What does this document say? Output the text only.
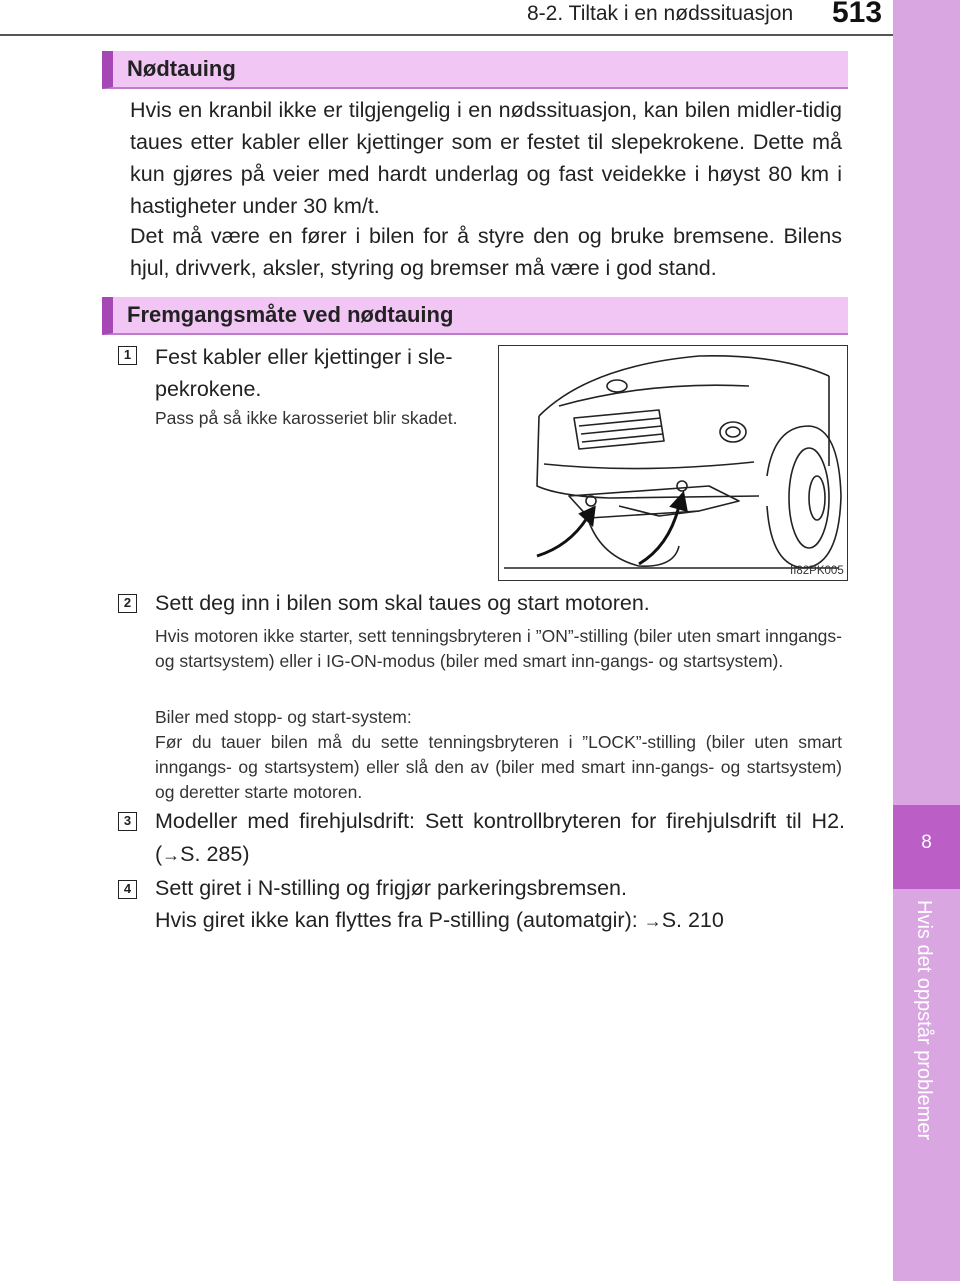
8-2. Tiltak i en nødssituasjon 513
8
Hvis det oppstår problemer
Nødtauing
Hvis en kranbil ikke er tilgjengelig i en nødssituasjon, kan bilen midler-tidig taues etter kabler eller kjettinger som er festet til slepekrokene. Dette må kun gjøres på veier med hardt underlag og fast veidekke i høyst 80 km i hastigheter under 30 km/t.
Det må være en fører i bilen for å styre den og bruke bremsene. Bilens hjul, drivverk, aksler, styring og bremser må være i god stand.
Fremgangsmåte ved nødtauing
1 Fest kabler eller kjettinger i sle-pekrokene.
Pass på så ikke karosseriet blir skadet.
II82PK005
2 Sett deg inn i bilen som skal taues og start motoren.
Hvis motoren ikke starter, sett tenningsbryteren i ”ON”-stilling (biler uten smart inngangs- og startsystem) eller i IG-ON-modus (biler med smart inn-gangs- og startsystem).
Biler med stopp- og start-system:
Før du tauer bilen må du sette tenningsbryteren i ”LOCK”-stilling (biler uten smart inngangs- og startsystem) eller slå den av (biler med smart inn-gangs- og startsystem) og deretter starte motoren.
3 Modeller med firehjulsdrift: Sett kontrollbryteren for firehjulsdrift til H2. (→S. 285)
4 Sett giret i N-stilling og frigjør parkeringsbremsen.
Hvis giret ikke kan flyttes fra P-stilling (automatgir): →S. 210
